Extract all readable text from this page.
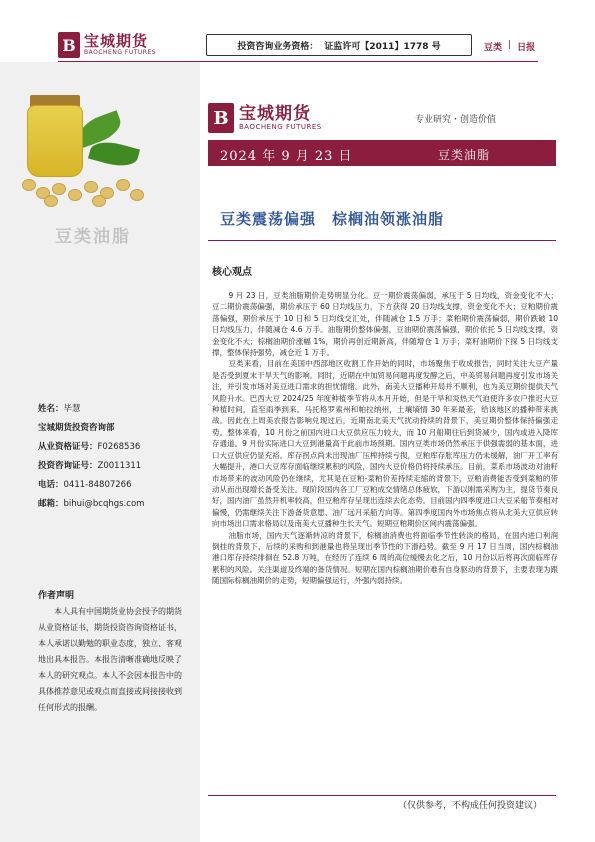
B 宝城期货
BAOCHENG FUTURES
投资咨询业务资格： 证监许可【2011】1778 号	豆类 | 日报
豆类油脂
姓名：毕慧
宝城期货投资咨询部
从业资格证号：F0268536
投资咨询证号：Z0011311
电话：0411-84807266
邮箱：bihui@bcqhgs.com
作者声明
本人具有中国期货业协会授予的期货从业资格证书，期货投资咨询资格证书，本人承诺以勤勉的职业态度，独立、客观地出具本报告。本报告清晰准确地反映了本人的研究观点。本人不会因本报告中的具体推荐意见或观点而直接或间接接收到任何形式的报酬。
B 宝城期货
BAOCHENG FUTURES
专业研究・创造价值
2024 年 9 月 23 日	豆类油脂
豆类震荡偏强　棕榈油领涨油脂
核心观点

9 月 23 日，豆类油脂期价走势明显分化。豆一期价震荡偏弱，承压于 5 日均线，资金变化不大；豆二期价震荡偏强，期价承压于 60 日均线压力，下方获得 20 日均线支撑，资金变化不大；豆粕期价震荡偏强，期价承压于 10 日和 5 日均线交汇处，伴随减仓 1.5 万手；菜粕期价震荡偏弱，期价跌破 10 日均线压力，伴随减仓 4.6 万手。油脂期价整体偏强，豆油期价震荡偏强，期价依托 5 日均线支撑，资金变化不大；棕榈油期价涨幅 1%，期价再创近期新高，伴随增仓 1 万手；菜籽油期价下探 5 日均线支撑，整体保持强势，减仓近 1 万手。

豆类来看，目前在美国中西部地区收割工作开始的同时，市场聚焦于收成报告，同时关注大豆产量是否受到夏末干旱天气的影响。同时，近期在中加贸易问题再度发酵之后，中美贸易问题再度引发市场关注，并引发市场对美豆进口需求的担忧情绪。此外，南美大豆播种开局并不顺利，也为美豆期价提供天气风险升水。巴西大豆 2024/25 年度种植季节将从本月开始，但是干旱和炎热天气迫使许多农户推迟大豆种植时间，直至雨季到来。马托格罗索州和帕拉纳州，土壤墒情 30 年来最差，给该地区的播种带来挑战。因此在上周美农报告影响兑现过后，近期南北美天气扰动持续的背景下，美豆期价整体保持偏强走势。整体来看，10 月份之前国内进口大豆供应压力较大，而 10 月船期往后到货减少，国内或进入降库存通道。9 月份实际进口大豆到港量高于此前市场预期。国内豆类市场仍然承压于供强需弱的基本面，进口大豆供应仍显充裕。库存拐点尚未出现油厂压榨持续亏损，豆粕库存胀库压力仍未缓解，油厂开工率有大幅提升，港口大豆库存面临继续累积的风险，国内大豆价格仍将持续承压。目前，菜系市场波动对油籽市场带来的波动风险仍在继续，尤其是在豆粕-菜粕价差持续走缩的背景下，豆粕消费能否受到菜粕的带动从而出现增长备受关注。现阶段国内各工厂豆粕成交情绪总体疲软，下游以刚需采购为主，提货节奏良好，国内油厂虽然开机率较高，但豆粕库存呈现出连续去化态势。目前国内四季度进口大豆采船节奏相对偏慢，仍需继续关注下游备货意愿、油厂远月采船方向等。第四季度国内外市场焦点将从北美大豆供应转向市场出口需求格局以及南美大豆播种生长天气。短期豆粕期价区间内震荡偏强。

油脂市场，国内天气逐渐转凉的背景下，棕榈油消费也将面临季节性转淡的格局，在国内进口利润倒挂的背景下，后续的采购和到港量也将呈现出季节性的下滑趋势。截至 9 月 17 日当周，国内棕榈油港口库存持续徘徊在 52.8 万吨，在经历了连续 6 周的高位缓慢去化之后，10 月份以后将再次面临库存累积的风险。关注渠道及终端的备货情况。短期在国内棕榈油期价难有自身驱动的背景下，主要表现为跟随国际棕榈油期价的走势，短期偏强运行，外强内弱持续。

（仅供参考，不构成任何投资建议）
